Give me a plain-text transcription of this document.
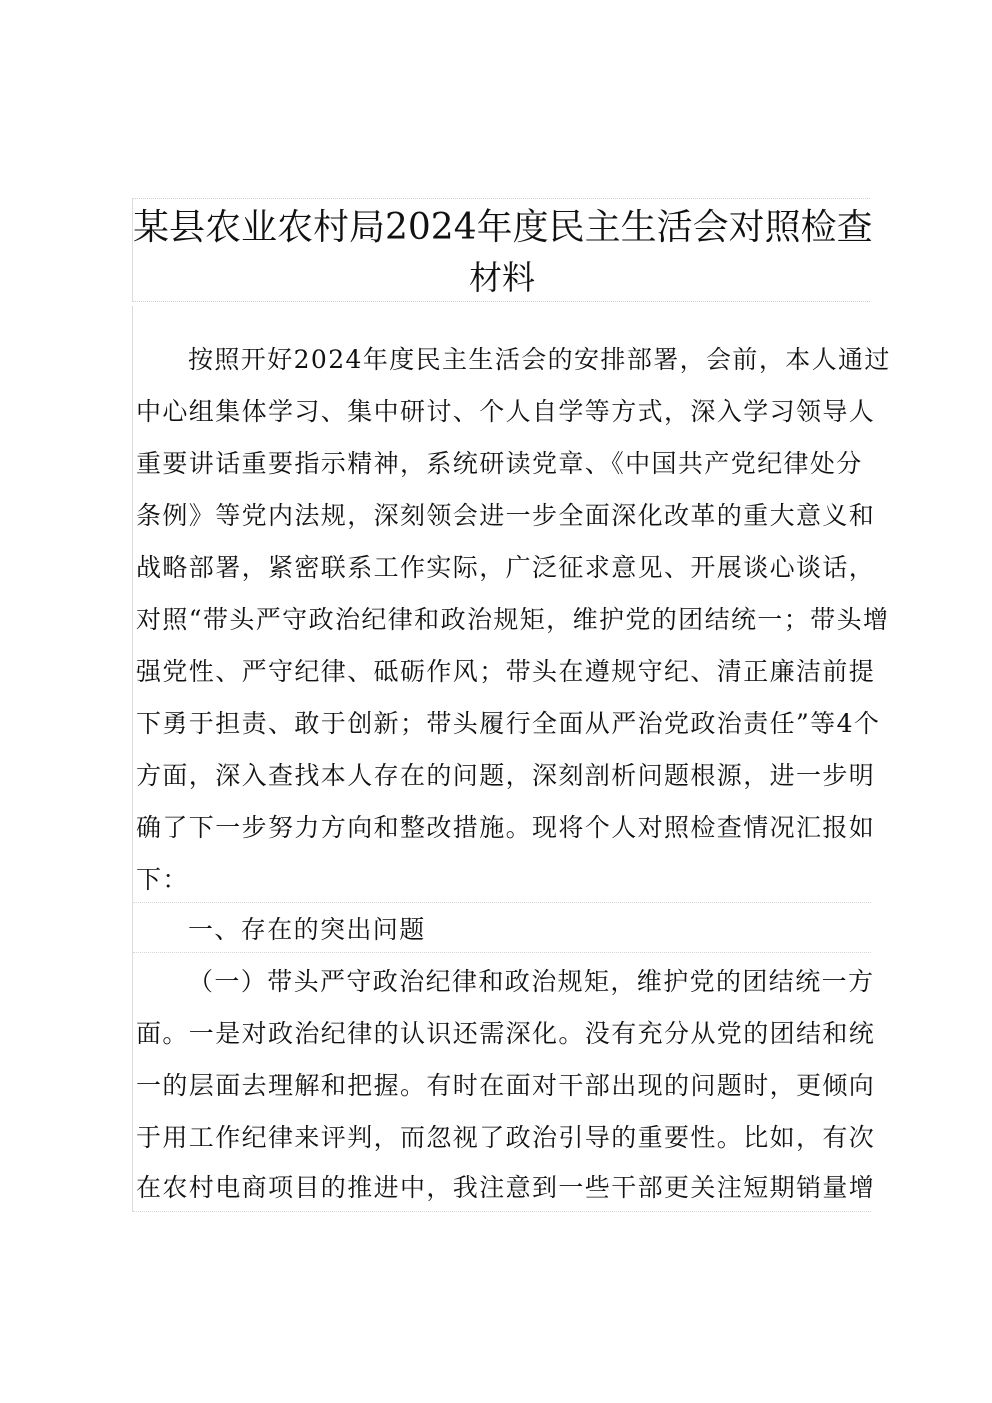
某县农业农村局2024年度民主生活会对照检查
材料
按照开好2024年度民主生活会的安排部署，会前，本人通过
中心组集体学习、集中研讨、个人自学等方式，深入学习领导人
重要讲话重要指示精神，系统研读党章、《中国共产党纪律处分
条例》等党内法规，深刻领会进一步全面深化改革的重大意义和
战略部署，紧密联系工作实际，广泛征求意见、开展谈心谈话，
对照“带头严守政治纪律和政治规矩，维护党的团结统一；带头增
强党性、严守纪律、砥砺作风；带头在遵规守纪、清正廉洁前提
下勇于担责、敢于创新；带头履行全面从严治党政治责任”等4个
方面，深入查找本人存在的问题，深刻剖析问题根源，进一步明
确了下一步努力方向和整改措施。现将个人对照检查情况汇报如
下：
一、存在的突出问题
（一）带头严守政治纪律和政治规矩，维护党的团结统一方
面。一是对政治纪律的认识还需深化。没有充分从党的团结和统
一的层面去理解和把握。有时在面对干部出现的问题时，更倾向
于用工作纪律来评判，而忽视了政治引导的重要性。比如，有次
在农村电商项目的推进中，我注意到一些干部更关注短期销量增
